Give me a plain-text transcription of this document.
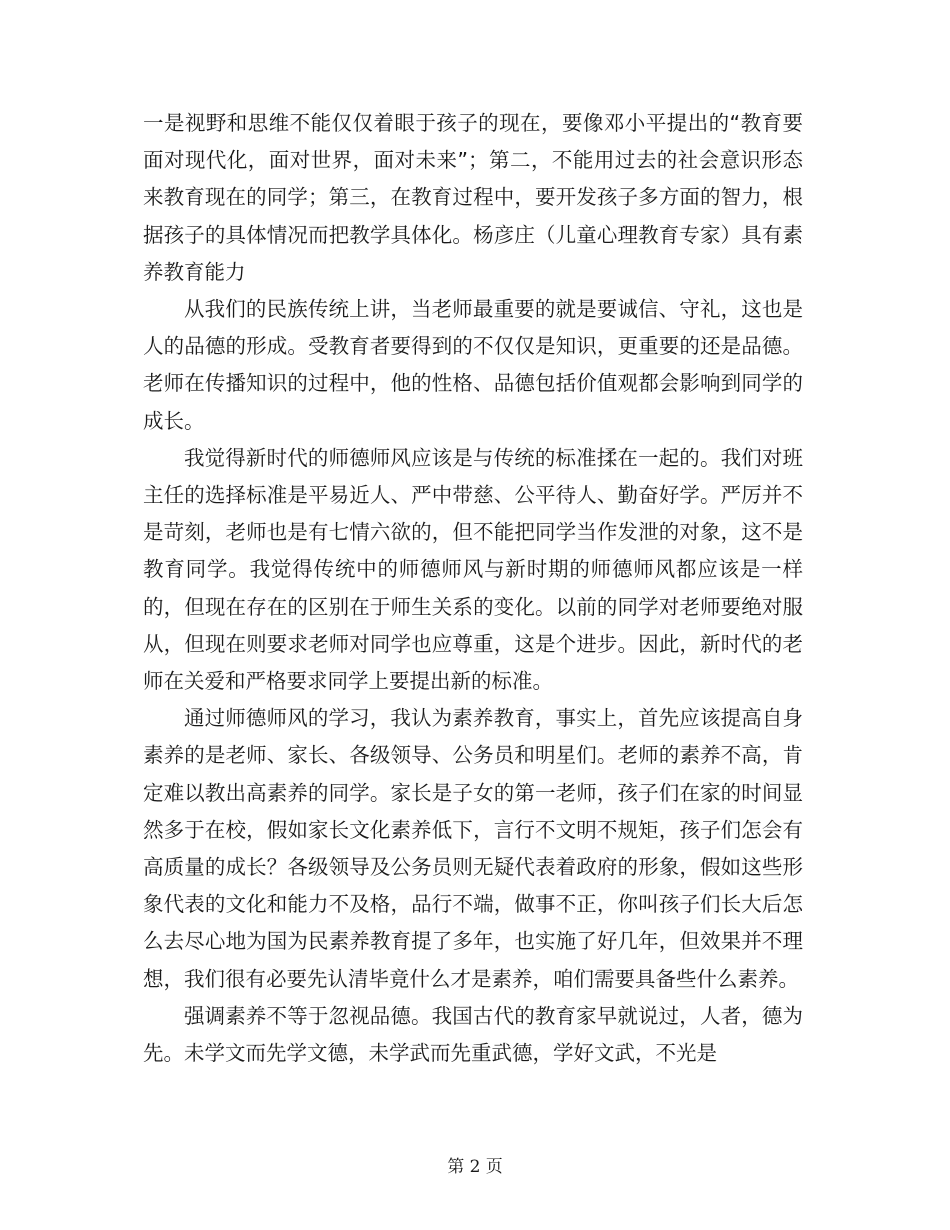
一是视野和思维不能仅仅着眼于孩子的现在，要像邓小平提出的“教育要面对现代化，面对世界，面对未来”；第二，不能用过去的社会意识形态来教育现在的同学；第三，在教育过程中，要开发孩子多方面的智力，根据孩子的具体情况而把教学具体化。杨彦庄（儿童心理教育专家）具有素养教育能力

从我们的民族传统上讲，当老师最重要的就是要诚信、守礼，这也是人的品德的形成。受教育者要得到的不仅仅是知识，更重要的还是品德。老师在传播知识的过程中，他的性格、品德包括价值观都会影响到同学的成长。

我觉得新时代的师德师风应该是与传统的标准揉在一起的。我们对班主任的选择标准是平易近人、严中带慈、公平待人、勤奋好学。严厉并不是苛刻，老师也是有七情六欲的，但不能把同学当作发泄的对象，这不是教育同学。我觉得传统中的师德师风与新时期的师德师风都应该是一样的，但现在存在的区别在于师生关系的变化。以前的同学对老师要绝对服从，但现在则要求老师对同学也应尊重，这是个进步。因此，新时代的老师在关爱和严格要求同学上要提出新的标准。

通过师德师风的学习，我认为素养教育，事实上，首先应该提高自身素养的是老师、家长、各级领导、公务员和明星们。老师的素养不高，肯定难以教出高素养的同学。家长是子女的第一老师，孩子们在家的时间显然多于在校，假如家长文化素养低下，言行不文明不规矩，孩子们怎会有高质量的成长？各级领导及公务员则无疑代表着政府的形象，假如这些形象代表的文化和能力不及格，品行不端，做事不正，你叫孩子们长大后怎么去尽心地为国为民素养教育提了多年，也实施了好几年，但效果并不理想，我们很有必要先认清毕竟什么才是素养，咱们需要具备些什么素养。

强调素养不等于忽视品德。我国古代的教育家早就说过，人者，德为先。未学文而先学文德，未学武而先重武德，学好文武，不光是

第 2 页
